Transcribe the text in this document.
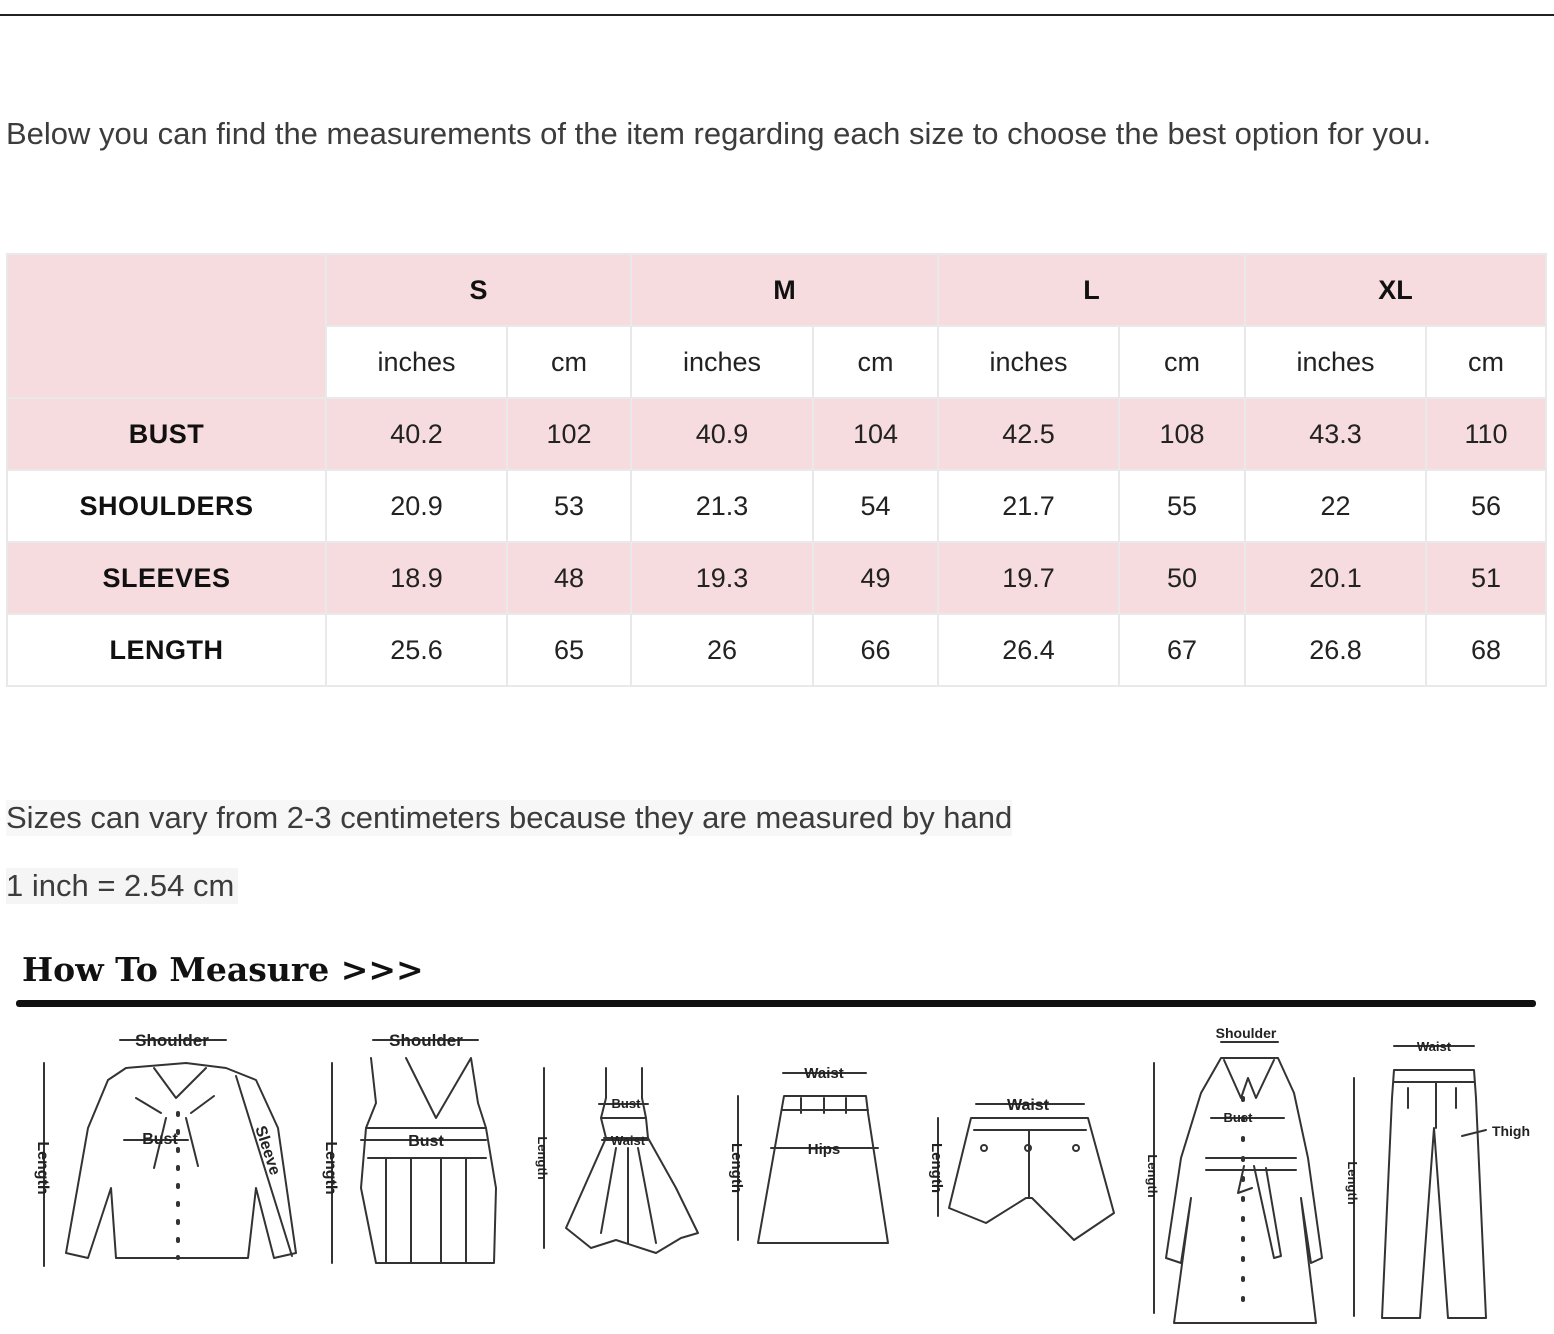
Below you can find the measurements of the item regarding each size to choose the best option for you.
	S		M		L		XL	
	inches	cm	inches	cm	inches	cm	inches	cm
BUST	40.2	102	40.9	104	42.5	108	43.3	110
SHOULDERS	20.9	53	21.3	54	21.7	55	22	56
SLEEVES	18.9	48	19.3	49	19.7	50	20.1	51
LENGTH	25.6	65	26	66	26.4	67	26.8	68
Sizes can vary from 2-3 centimeters because they are measured by hand
1 inch = 2.54 cm
How To Measure >>>
Shoulder
Bust
Length	Sleeve
Shoulder
Bust
Length
Bust
Waist
Length
Waist
Hips
Length
Waist
Length
Shoulder
Bust
Length
Waist
Thigh
Length
